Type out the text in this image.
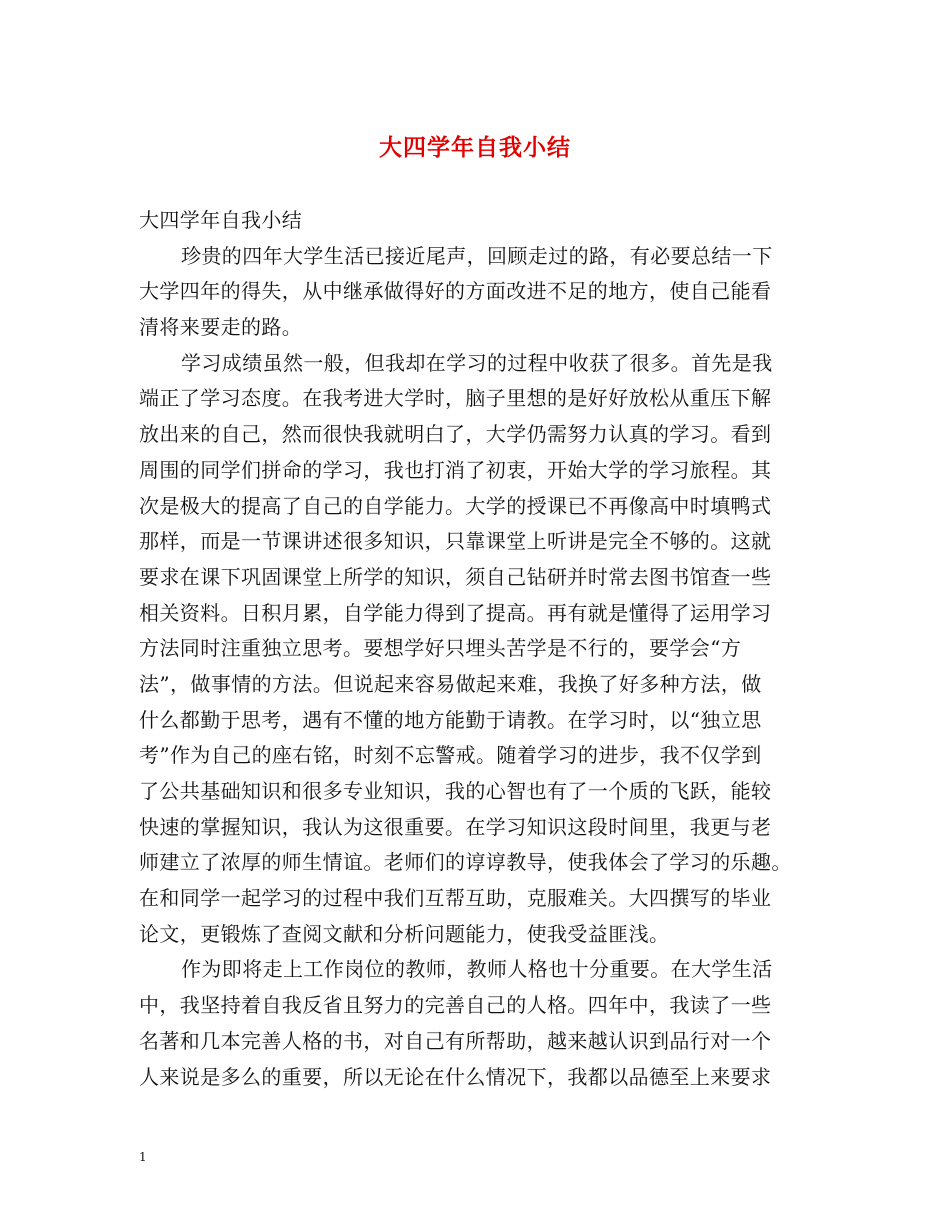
大四学年自我小结
大四学年自我小结
珍贵的四年大学生活已接近尾声，回顾走过的路，有必要总结一下
大学四年的得失，从中继承做得好的方面改进不足的地方，使自己能看
清将来要走的路。
学习成绩虽然一般，但我却在学习的过程中收获了很多。首先是我
端正了学习态度。在我考进大学时，脑子里想的是好好放松从重压下解
放出来的自己，然而很快我就明白了，大学仍需努力认真的学习。看到
周围的同学们拼命的学习，我也打消了初衷，开始大学的学习旅程。其
次是极大的提高了自己的自学能力。大学的授课已不再像高中时填鸭式
那样，而是一节课讲述很多知识，只靠课堂上听讲是完全不够的。这就
要求在课下巩固课堂上所学的知识，须自己钻研并时常去图书馆查一些
相关资料。日积月累，自学能力得到了提高。再有就是懂得了运用学习
方法同时注重独立思考。要想学好只埋头苦学是不行的，要学会“方
法”，做事情的方法。但说起来容易做起来难，我换了好多种方法，做
什么都勤于思考，遇有不懂的地方能勤于请教。在学习时，以“独立思
考”作为自己的座右铭，时刻不忘警戒。随着学习的进步，我不仅学到
了公共基础知识和很多专业知识，我的心智也有了一个质的飞跃，能较
快速的掌握知识，我认为这很重要。在学习知识这段时间里，我更与老
师建立了浓厚的师生情谊。老师们的谆谆教导，使我体会了学习的乐趣。
在和同学一起学习的过程中我们互帮互助，克服难关。大四撰写的毕业
论文，更锻炼了查阅文献和分析问题能力，使我受益匪浅。
作为即将走上工作岗位的教师，教师人格也十分重要。在大学生活
中，我坚持着自我反省且努力的完善自己的人格。四年中，我读了一些
名著和几本完善人格的书，对自己有所帮助，越来越认识到品行对一个
人来说是多么的重要，所以无论在什么情况下，我都以品德至上来要求
1
